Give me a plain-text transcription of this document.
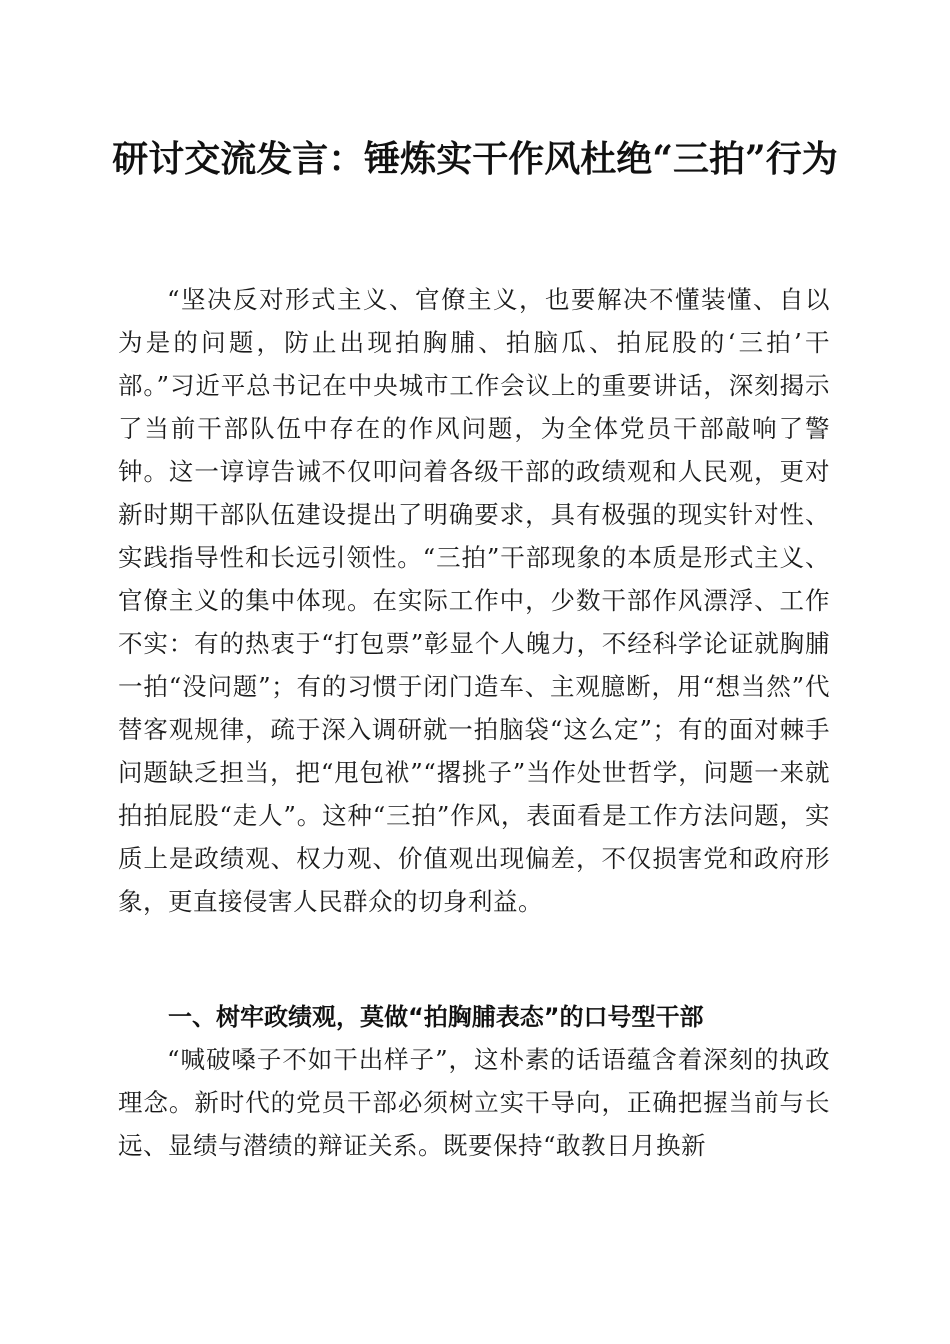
研讨交流发言：锤炼实干作风杜绝“三拍”行为

“坚决反对形式主义、官僚主义，也要解决不懂装懂、自以为是的问题，防止出现拍胸脯、拍脑瓜、拍屁股的‘三拍’干部。”习近平总书记在中央城市工作会议上的重要讲话，深刻揭示了当前干部队伍中存在的作风问题，为全体党员干部敲响了警钟。这一谆谆告诫不仅叩问着各级干部的政绩观和人民观，更对新时期干部队伍建设提出了明确要求，具有极强的现实针对性、实践指导性和长远引领性。“三拍”干部现象的本质是形式主义、官僚主义的集中体现。在实际工作中，少数干部作风漂浮、工作不实：有的热衷于“打包票”彰显个人魄力，不经科学论证就胸脯一拍“没问题”；有的习惯于闭门造车、主观臆断，用“想当然”代替客观规律，疏于深入调研就一拍脑袋“这么定”；有的面对棘手问题缺乏担当，把“甩包袱”“撂挑子”当作处世哲学，问题一来就拍拍屁股“走人”。这种“三拍”作风，表面看是工作方法问题，实质上是政绩观、权力观、价值观出现偏差，不仅损害党和政府形象，更直接侵害人民群众的切身利益。

一、树牢政绩观，莫做“拍胸脯表态”的口号型干部

“喊破嗓子不如干出样子”，这朴素的话语蕴含着深刻的执政理念。新时代的党员干部必须树立实干导向，正确把握当前与长远、显绩与潜绩的辩证关系。既要保持“敢教日月换新
